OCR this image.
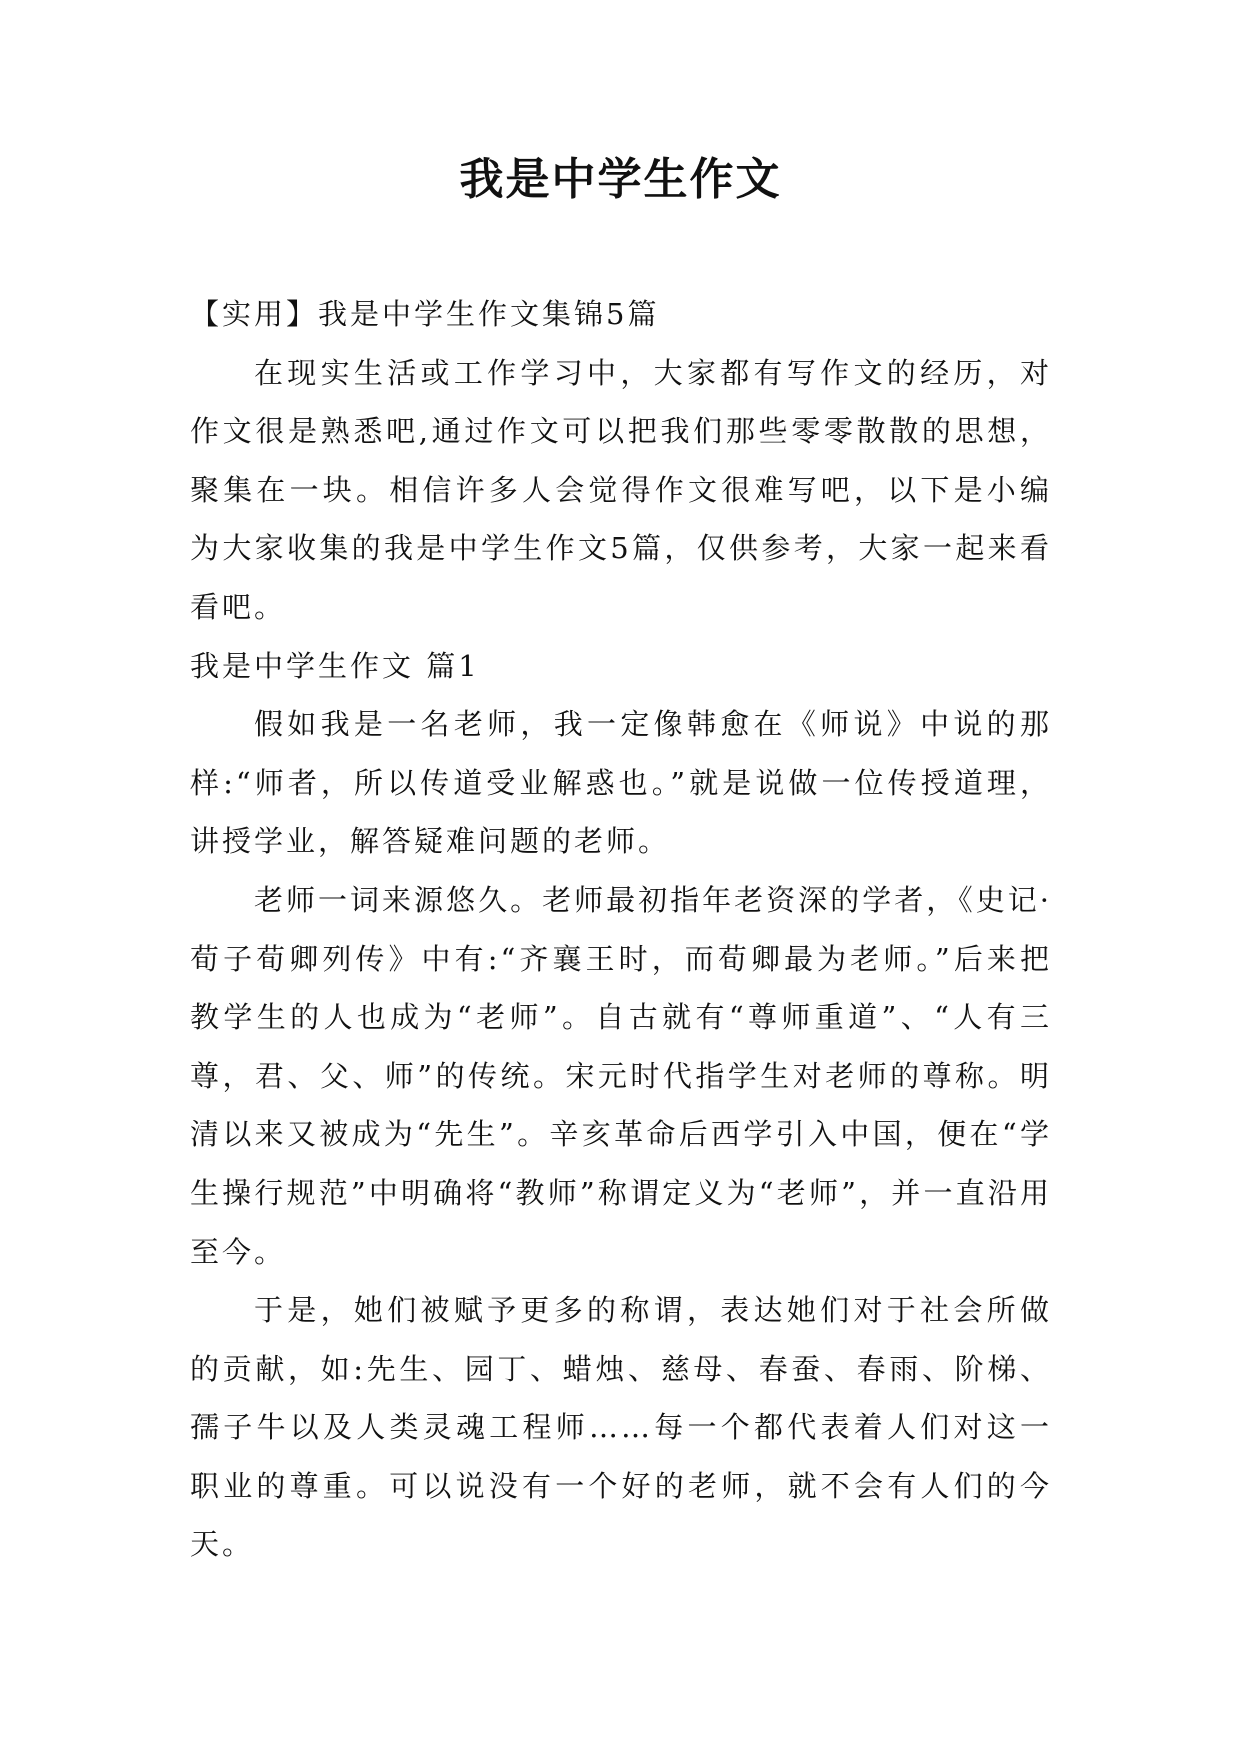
我是中学生作文

【实用】我是中学生作文集锦5篇

在现实生活或工作学习中，大家都有写作文的经历，对作文很是熟悉吧,通过作文可以把我们那些零零散散的思想，聚集在一块。相信许多人会觉得作文很难写吧，以下是小编为大家收集的我是中学生作文5篇，仅供参考，大家一起来看看吧。

我是中学生作文 篇1

假如我是一名老师，我一定像韩愈在《师说》中说的那样:“师者，所以传道受业解惑也。”就是说做一位传授道理，讲授学业，解答疑难问题的老师。

老师一词来源悠久。老师最初指年老资深的学者，《史记·荀子荀卿列传》中有:“齐襄王时，而荀卿最为老师。”后来把教学生的人也成为“老师”。自古就有“尊师重道”、“人有三尊，君、父、师”的传统。宋元时代指学生对老师的尊称。明清以来又被成为“先生”。辛亥革命后西学引入中国，便在“学生操行规范”中明确将“教师”称谓定义为“老师”，并一直沿用至今。

于是，她们被赋予更多的称谓，表达她们对于社会所做的贡献，如:先生、园丁、蜡烛、慈母、春蚕、春雨、阶梯、孺子牛以及人类灵魂工程师……每一个都代表着人们对这一职业的尊重。可以说没有一个好的老师，就不会有人们的今天。
